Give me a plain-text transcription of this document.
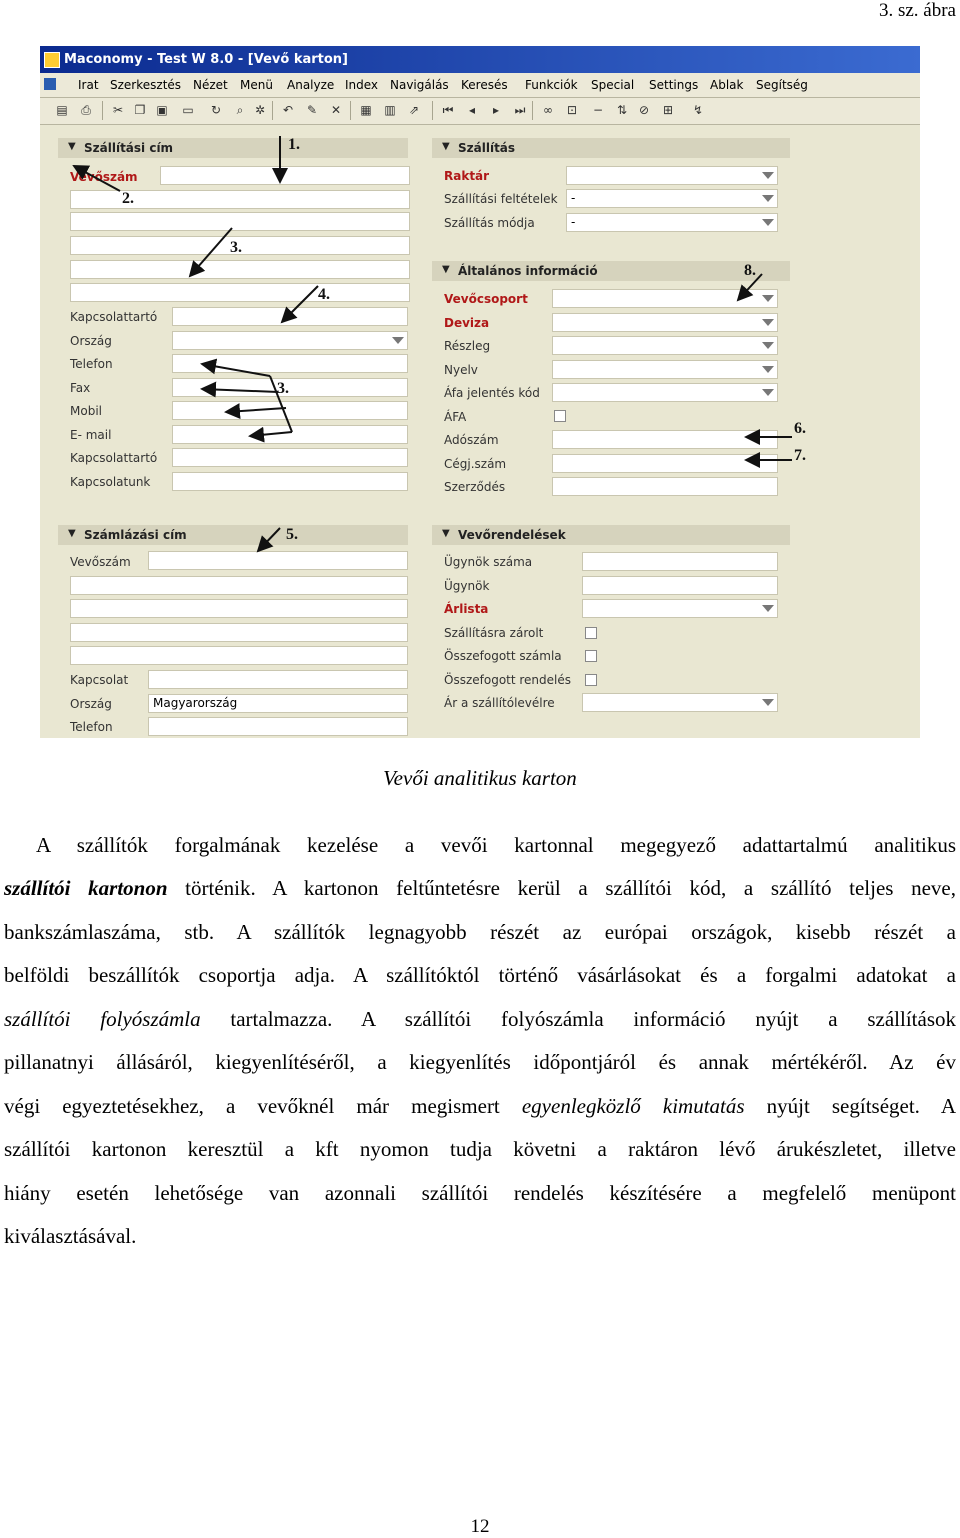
3. sz. ábra
Maconomy - Test W 8.0 - [Vevő karton]
Irat Szerkesztés Nézet Menü Analyze Index Navigálás Keresés Funkciók Special Settings Ablak Segítség
▤ ⎙ ✂ ❐ ▣ ▭ ↻	⌕ ✲ ↶ ✎ ✕ ▦ ▥ ⇗ ⏮	◂	▸	⏭ ∞ ⊡ − ⇅ ⊘ ⊞ ↯
▼ Szállítási cím
Vevőszám
Kapcsolattartó
Ország
Telefon
Fax
Mobil
E- mail
Kapcsolattartó
Kapcsolatunk
▼ Számlázási cím
Vevőszám
Kapcsolat
Ország	Magyarország
Telefon
▼ Szállítás
Raktár
Szállítási feltételek	-
Szállítás módja	-
▼ Általános információ
Vevőcsoport
Deviza
Részleg
Nyelv
Áfa jelentés kód
ÁFA
Adószám
Cégj.szám
Szerződés
▼ Vevőrendelések
Ügynök száma
Ügynök
Árlista
Szállításra zárolt
Összefogott számla
Összefogott rendelés
Ár a szállítólevélre
1.
2.
3.
4.
3.
5.
8.
6.
7.
Vevői analitikus karton
A szállítók forgalmának kezelése a vevői kartonnal megegyező adattartalmú analitikus
szállítói kartonon történik. A kartonon feltűntetésre kerül a szállítói kód, a szállító teljes neve,
bankszámlaszáma, stb. A szállítók legnagyobb részét az európai országok, kisebb részét a
belföldi beszállítók csoportja adja. A szállítóktól történő vásárlásokat és a forgalmi adatokat a
szállítói folyószámla tartalmazza. A szállítói folyószámla információ nyújt a szállítások
pillanatnyi állásáról, kiegyenlítéséről, a kiegyenlítés időpontjáról és annak mértékéről. Az év
végi egyeztetésekhez, a vevőknél már megismert egyenlegközlő kimutatás nyújt segítséget. A
szállítói kartonon keresztül a kft nyomon tudja követni a raktáron lévő árukészletet, illetve
hiány esetén lehetősége van azonnali szállítói rendelés készítésére a megfelelő menüpont
kiválasztásával.
12
